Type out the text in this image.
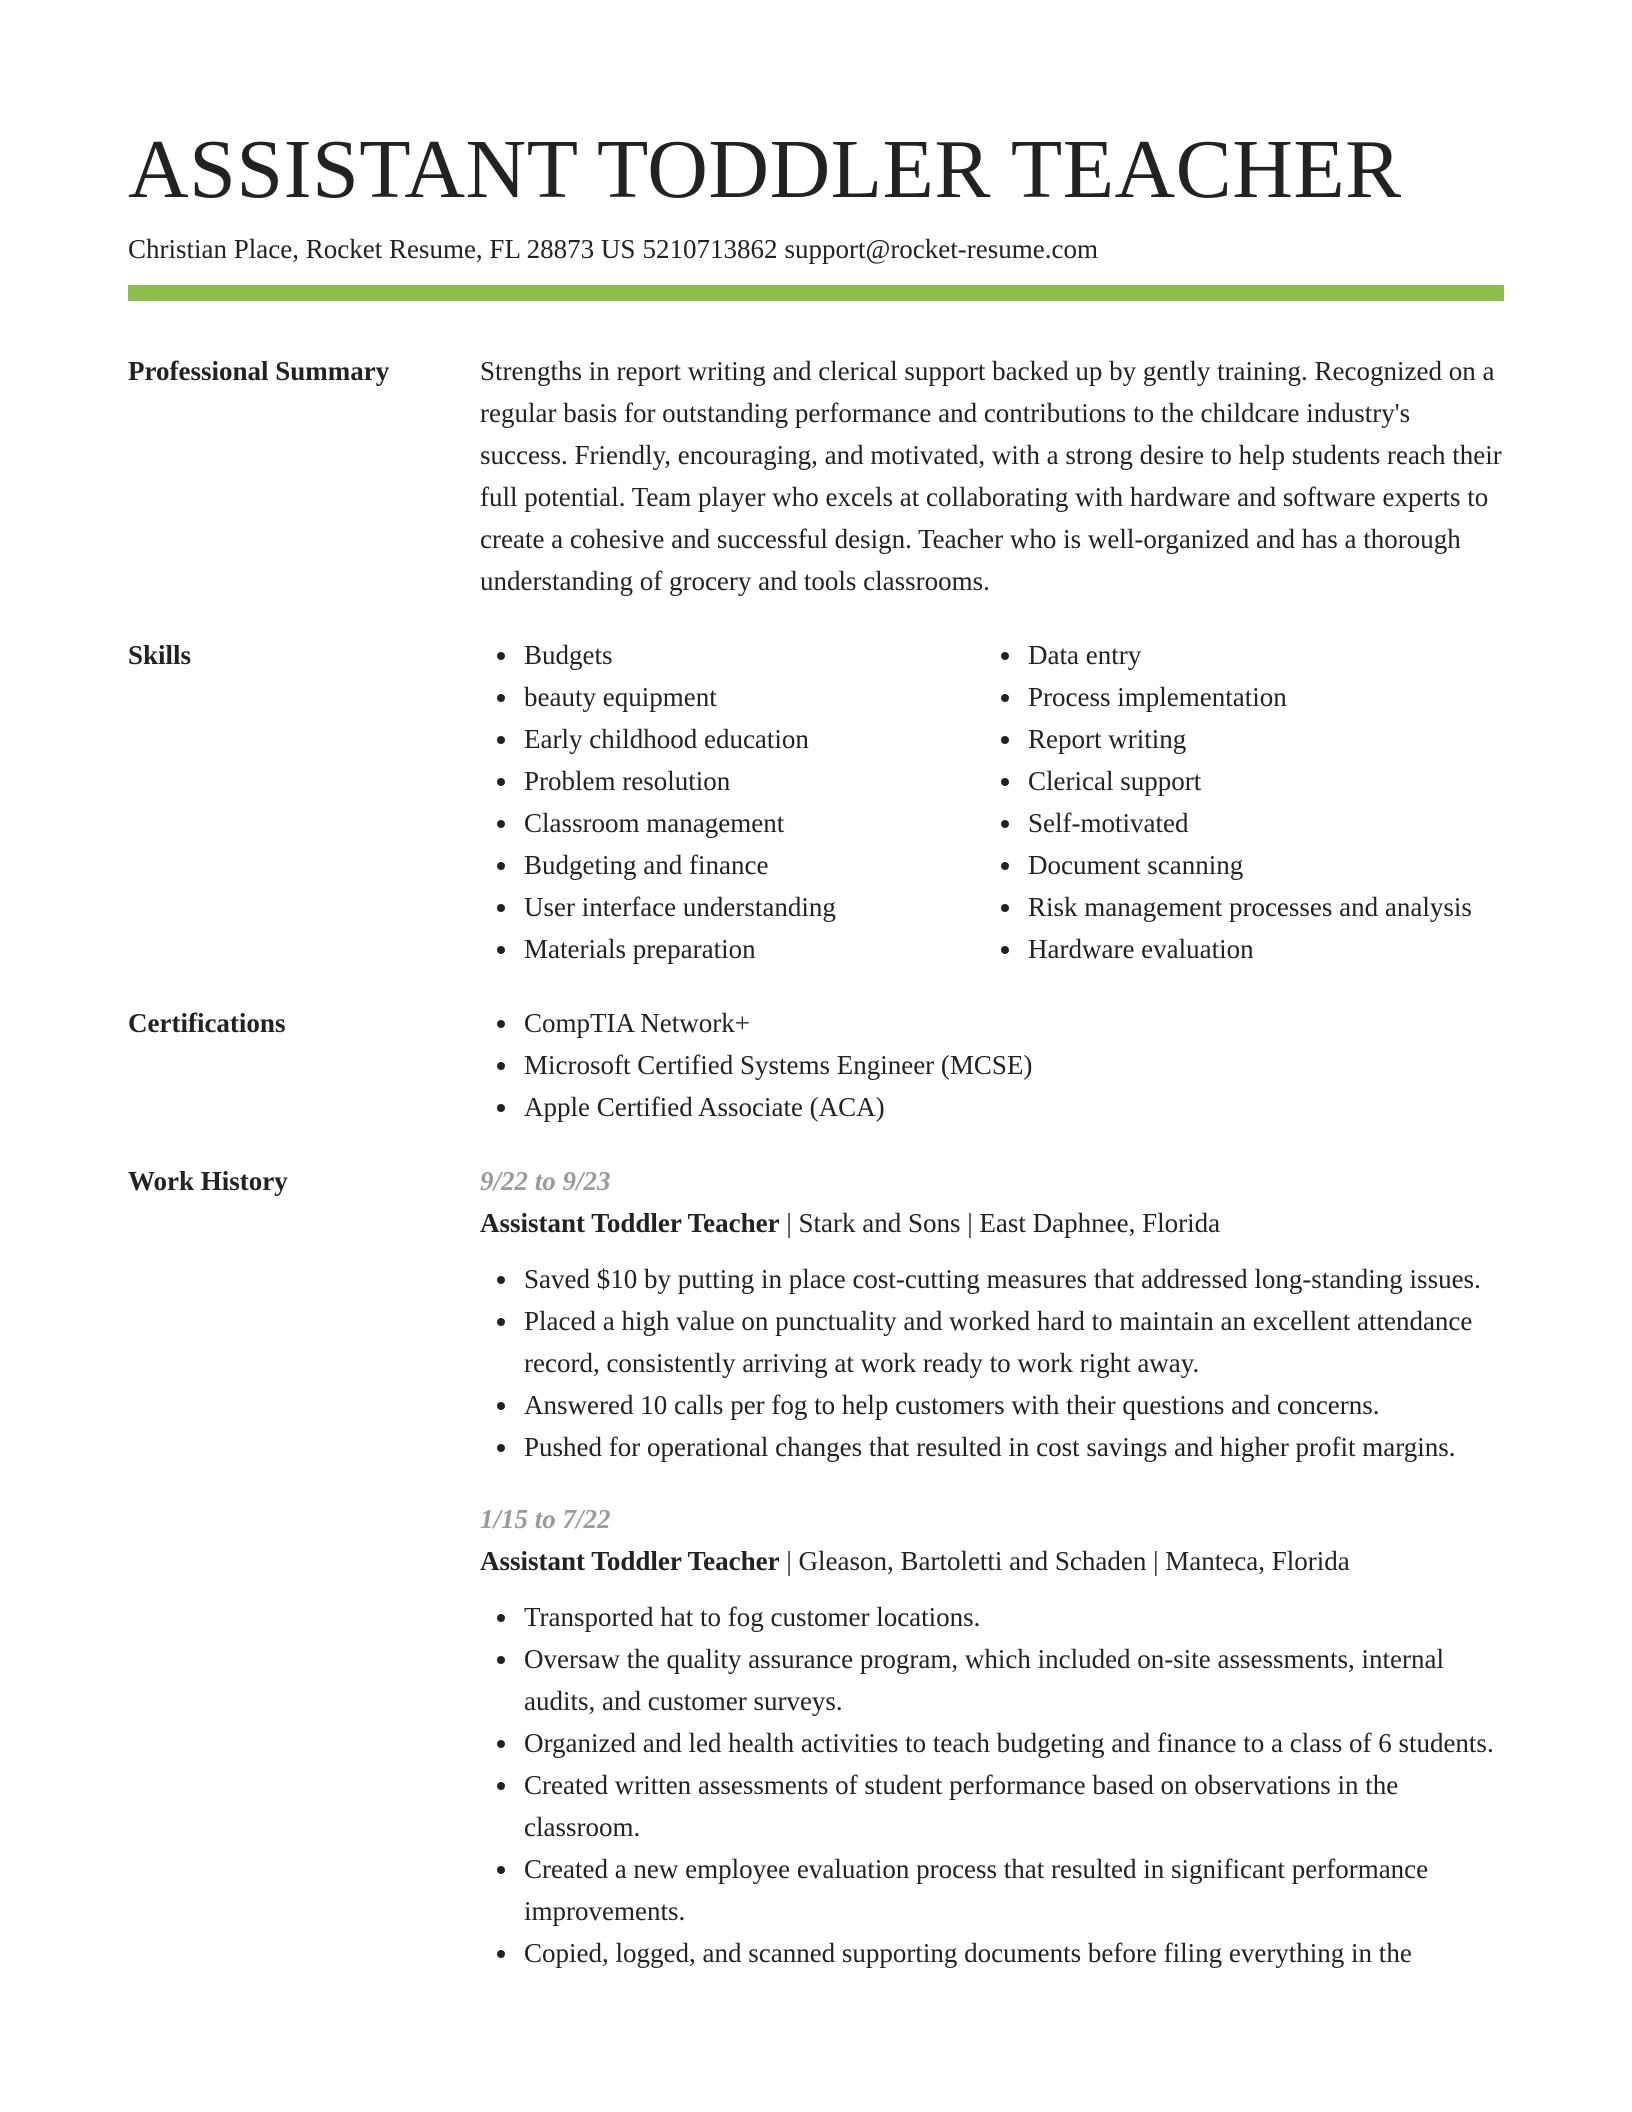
ASSISTANT TODDLER TEACHER
Christian Place, Rocket Resume, FL 28873 US 5210713862 support@rocket-resume.com
Professional Summary	Strengths in report writing and clerical support backed up by gently training. Recognized on a regular basis for outstanding performance and contributions to the childcare industry's success. Friendly, encouraging, and motivated, with a strong desire to help students reach their full potential. Team player who excels at collaborating with hardware and software experts to create a cohesive and successful design. Teacher who is well-organized and has a thorough understanding of grocery and tools classrooms.

Skills	Budgets
beauty equipment
Early childhood education
Problem resolution
Classroom management
Budgeting and finance
User interface understanding
Materials preparation
Data entry
Process implementation
Report writing
Clerical support
Self-motivated
Document scanning
Risk management processes and analysis
Hardware evaluation
Certifications	CompTIA Network+
Microsoft Certified Systems Engineer (MCSE)
Apple Certified Associate (ACA)
Work History	9/22 to 9/23
Assistant Toddler Teacher | Stark and Sons | East Daphnee, Florida
Saved $10 by putting in place cost-cutting measures that addressed long-standing issues.
Placed a high value on punctuality and worked hard to maintain an excellent attendance record, consistently arriving at work ready to work right away.
Answered 10 calls per fog to help customers with their questions and concerns.
Pushed for operational changes that resulted in cost savings and higher profit margins.
1/15 to 7/22
Assistant Toddler Teacher | Gleason, Bartoletti and Schaden | Manteca, Florida
Transported hat to fog customer locations.
Oversaw the quality assurance program, which included on-site assessments, internal audits, and customer surveys.
Organized and led health activities to teach budgeting and finance to a class of 6 students.
Created written assessments of student performance based on observations in the classroom.
Created a new employee evaluation process that resulted in significant performance improvements.
Copied, logged, and scanned supporting documents before filing everything in the
